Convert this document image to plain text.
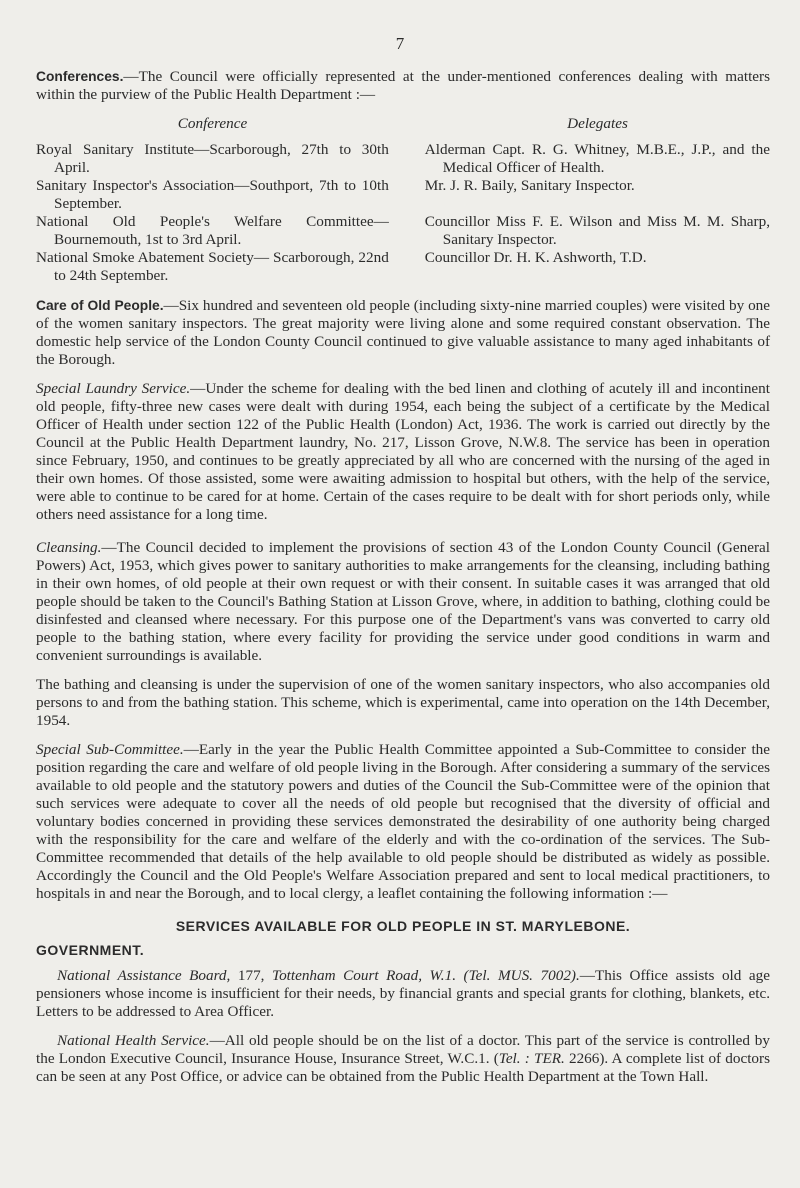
7

Conferences.—The Council were officially represented at the under-mentioned conferences dealing with matters within the purview of the Public Health Department :—

Conference	Delegates
Royal Sanitary Institute—Scarborough, 27th to 30th April.
Alderman Capt. R. G. Whitney, M.B.E., J.P., and the Medical Officer of Health.
Sanitary Inspector's Association—Southport, 7th to 10th September.
Mr. J. R. Baily, Sanitary Inspector.
National Old People's Welfare Committee— Bournemouth, 1st to 3rd April.
Councillor Miss F. E. Wilson and Miss M. M. Sharp, Sanitary Inspector.
National Smoke Abatement Society— Scarborough, 22nd to 24th September.
Councillor Dr. H. K. Ashworth, T.D.

Care of Old People.—Six hundred and seventeen old people (including sixty-nine married couples) were visited by one of the women sanitary inspectors. The great majority were living alone and some required constant observation. The domestic help service of the London County Council continued to give valuable assistance to many aged inhabitants of the Borough.

Special Laundry Service.—Under the scheme for dealing with the bed linen and clothing of acutely ill and incontinent old people, fifty-three new cases were dealt with during 1954, each being the subject of a certificate by the Medical Officer of Health under section 122 of the Public Health (London) Act, 1936. The work is carried out directly by the Council at the Public Health Department laundry, No. 217, Lisson Grove, N.W.8. The service has been in operation since February, 1950, and continues to be greatly appreciated by all who are concerned with the nursing of the aged in their own homes. Of those assisted, some were awaiting admission to hospital but others, with the help of the service, were able to continue to be cared for at home. Certain of the cases require to be dealt with for short periods only, while others need assistance for a long time.

Cleansing.—The Council decided to implement the provisions of section 43 of the London County Council (General Powers) Act, 1953, which gives power to sanitary authorities to make arrangements for the cleansing, including bathing in their own homes, of old people at their own request or with their consent. In suitable cases it was arranged that old people should be taken to the Council's Bathing Station at Lisson Grove, where, in addition to bathing, clothing could be disinfested and cleansed where necessary. For this purpose one of the Department's vans was converted to carry old people to the bathing station, where every facility for providing the service under good conditions in warm and convenient surroundings is available.

The bathing and cleansing is under the supervision of one of the women sanitary inspectors, who also accompanies old persons to and from the bathing station. This scheme, which is experimental, came into operation on the 14th December, 1954.

Special Sub-Committee.—Early in the year the Public Health Committee appointed a Sub-Committee to consider the position regarding the care and welfare of old people living in the Borough. After considering a summary of the services available to old people and the statutory powers and duties of the Council the Sub-Committee were of the opinion that such services were adequate to cover all the needs of old people but recognised that the diversity of official and voluntary bodies concerned in providing these services demonstrated the desirability of one authority being charged with the responsibility for the care and welfare of the elderly and with the co-ordination of the services. The Sub-Committee recommended that details of the help available to old people should be distributed as widely as possible. Accordingly the Council and the Old People's Welfare Association prepared and sent to local medical practitioners, to hospitals in and near the Borough, and to local clergy, a leaflet containing the following information :—

SERVICES AVAILABLE FOR OLD PEOPLE IN ST. MARYLEBONE.
GOVERNMENT.

National Assistance Board, 177, Tottenham Court Road, W.1. (Tel. MUS. 7002).—This Office assists old age pensioners whose income is insufficient for their needs, by financial grants and special grants for clothing, blankets, etc. Letters to be addressed to Area Officer.

National Health Service.—All old people should be on the list of a doctor. This part of the service is controlled by the London Executive Council, Insurance House, Insurance Street, W.C.1. (Tel. : TER. 2266). A complete list of doctors can be seen at any Post Office, or advice can be obtained from the Public Health Department at the Town Hall.
